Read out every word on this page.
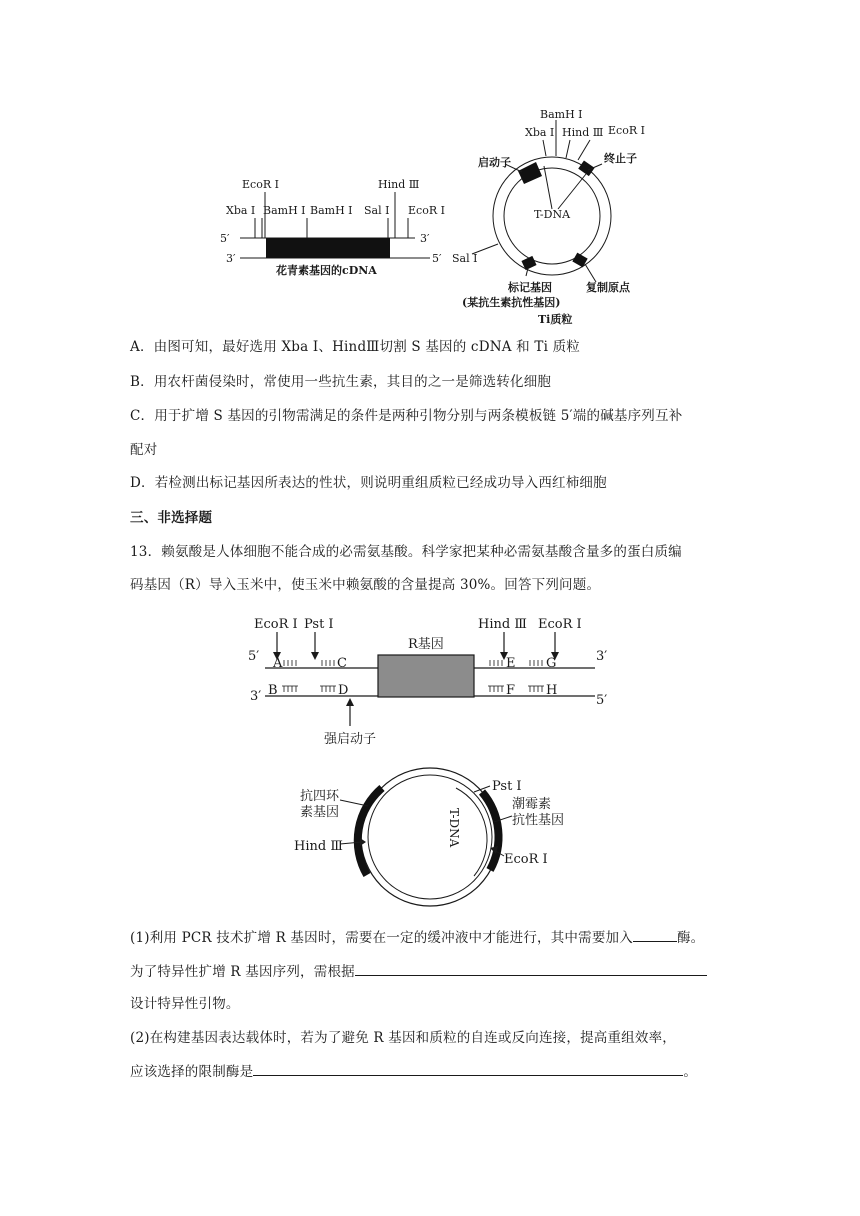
EcoR Ⅰ
Xba Ⅰ BamH Ⅰ BamH Ⅰ Sal Ⅰ
Hind Ⅲ
EcoR Ⅰ
5′	3′
3′	5′
花青素基因的cDNA
BamH Ⅰ
Xba Ⅰ Hind Ⅲ EcoR Ⅰ
启动子	终止子
T-DNA
Sal Ⅰ
标记基因
(某抗生素抗性基因)
复制原点
Ti质粒
A．由图可知，最好选用 Xba Ⅰ、HindⅢ切割 S 基因的 cDNA 和 Ti 质粒
B．用农杆菌侵染时，常使用一些抗生素，其目的之一是筛选转化细胞
C．用于扩增 S 基因的引物需满足的条件是两种引物分别与两条模板链 5′端的碱基序列互补
配对
D．若检测出标记基因所表达的性状，则说明重组质粒已经成功导入西红柿细胞
三、非选择题
13．赖氨酸是人体细胞不能合成的必需氨基酸。科学家把某种必需氨基酸含量多的蛋白质编
码基因（R）导入玉米中，使玉米中赖氨酸的含量提高 30%。回答下列问题。
EcoR Ⅰ Pst Ⅰ	Hind Ⅲ EcoR Ⅰ
R基因
5′	3′
3′	5′
A	C	E G
B	D	F H
强启动子
抗四环
素基因
Hind Ⅲ
Pst Ⅰ
潮霉素
抗性基因
EcoR Ⅰ
T-DNA
(1)利用 PCR 技术扩增 R 基因时，需要在一定的缓冲液中才能进行，其中需要加入	酶。
为了特异性扩增 R 基因序列，需根据
设计特异性引物。
(2)在构建基因表达载体时，若为了避免 R 基因和质粒的自连或反向连接，提高重组效率，
应该选择的限制酶是	。
